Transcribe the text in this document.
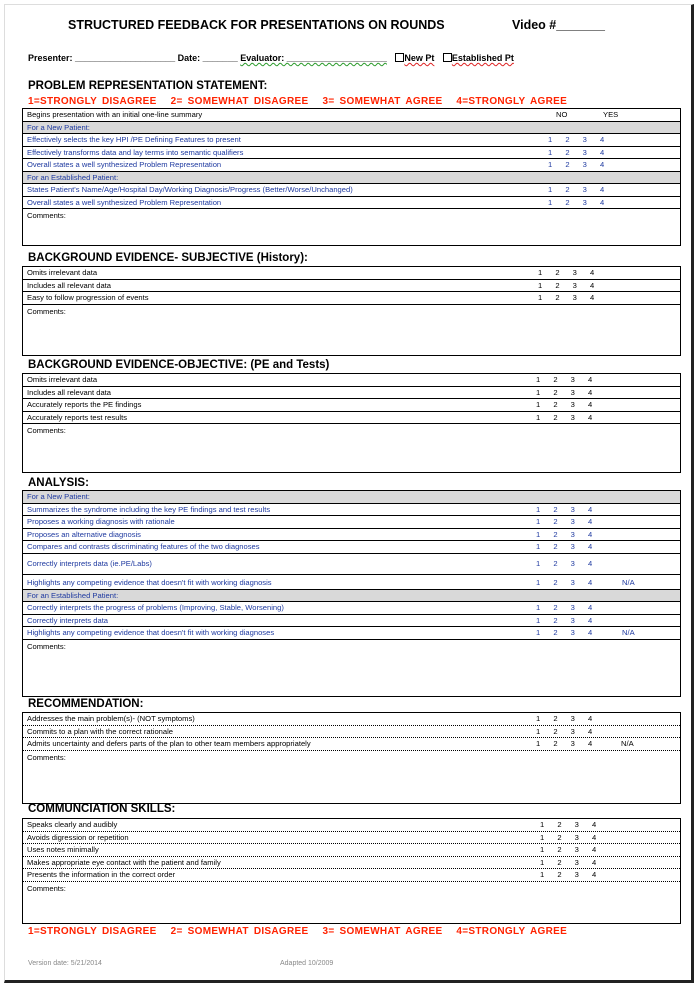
STRUCTURED FEEDBACK FOR PRESENTATIONS ON ROUNDS	Video #_______
Presenter: ____________________ Date: _______ Evaluator: ____________________ New Pt Established Pt
PROBLEM REPRESENTATION STATEMENT:
1=STRONGLY DISAGREE 2= SOMEWHAT DISAGREE 3= SOMEWHAT AGREE 4=STRONGLY AGREE
Begins presentation with an initial one-line summary	NO	YES
For a New Patient:
Effectively selects the key HPI /PE Defining Features to present	1 2 3 4
Effectively transforms data and lay terms into semantic qualifiers	1 2 3 4
Overall states a well synthesized Problem Representation	1 2 3 4
For an Established Patient:
States Patient's Name/Age/Hospital Day/Working Diagnosis/Progress (Better/Worse/Unchanged)	1 2 3 4
Overall states a well synthesized Problem Representation	1 2 3 4
Comments:
BACKGROUND EVIDENCE- SUBJECTIVE (History):
Omits irrelevant data	1 2 3 4
Includes all relevant data	1 2 3 4
Easy to follow progression of events	1 2 3 4
Comments:
BACKGROUND EVIDENCE-OBJECTIVE: (PE and Tests)
Omits irrelevant data	1 2 3 4
Includes all relevant data	1 2 3 4
Accurately reports the PE findings	1 2 3 4
Accurately reports test results	1 2 3 4
Comments:
ANALYSIS:
For a New Patient:
Summarizes the syndrome including the key PE findings and test results	1 2 3 4
Proposes a working diagnosis with rationale	1 2 3 4
Proposes an alternative diagnosis	1 2 3 4
Compares and contrasts discriminating features of the two diagnoses	1 2 3 4
Correctly interprets data (ie.PE/Labs)	1 2 3 4
Highlights any competing evidence that doesn't fit with working diagnosis	1 2 3 4	N/A
For an Established Patient:
Correctly interprets the progress of problems (Improving, Stable, Worsening)	1 2 3 4
Correctly interprets data	1 2 3 4
Highlights any competing evidence that doesn't fit with working diagnoses	1 2 3 4	N/A
Comments:
RECOMMENDATION:
Addresses the main problem(s)- (NOT symptoms)	1 2 3 4
Commits to a plan with the correct rationale	1 2 3 4
Admits uncertainty and defers parts of the plan to other team members appropriately	1 2 3 4	N/A
Comments:
COMMUNCIATION SKILLS:
Speaks clearly and audibly	1 2 3 4
Avoids digression or repetition	1 2 3 4
Uses notes minimally	1 2 3 4
Makes appropriate eye contact with the patient and family	1 2 3 4
Presents the information in the correct order	1 2 3 4
Comments:
1=STRONGLY DISAGREE 2= SOMEWHAT DISAGREE 3= SOMEWHAT AGREE 4=STRONGLY AGREE
Version date: 5/21/2014	Adapted 10/2009
